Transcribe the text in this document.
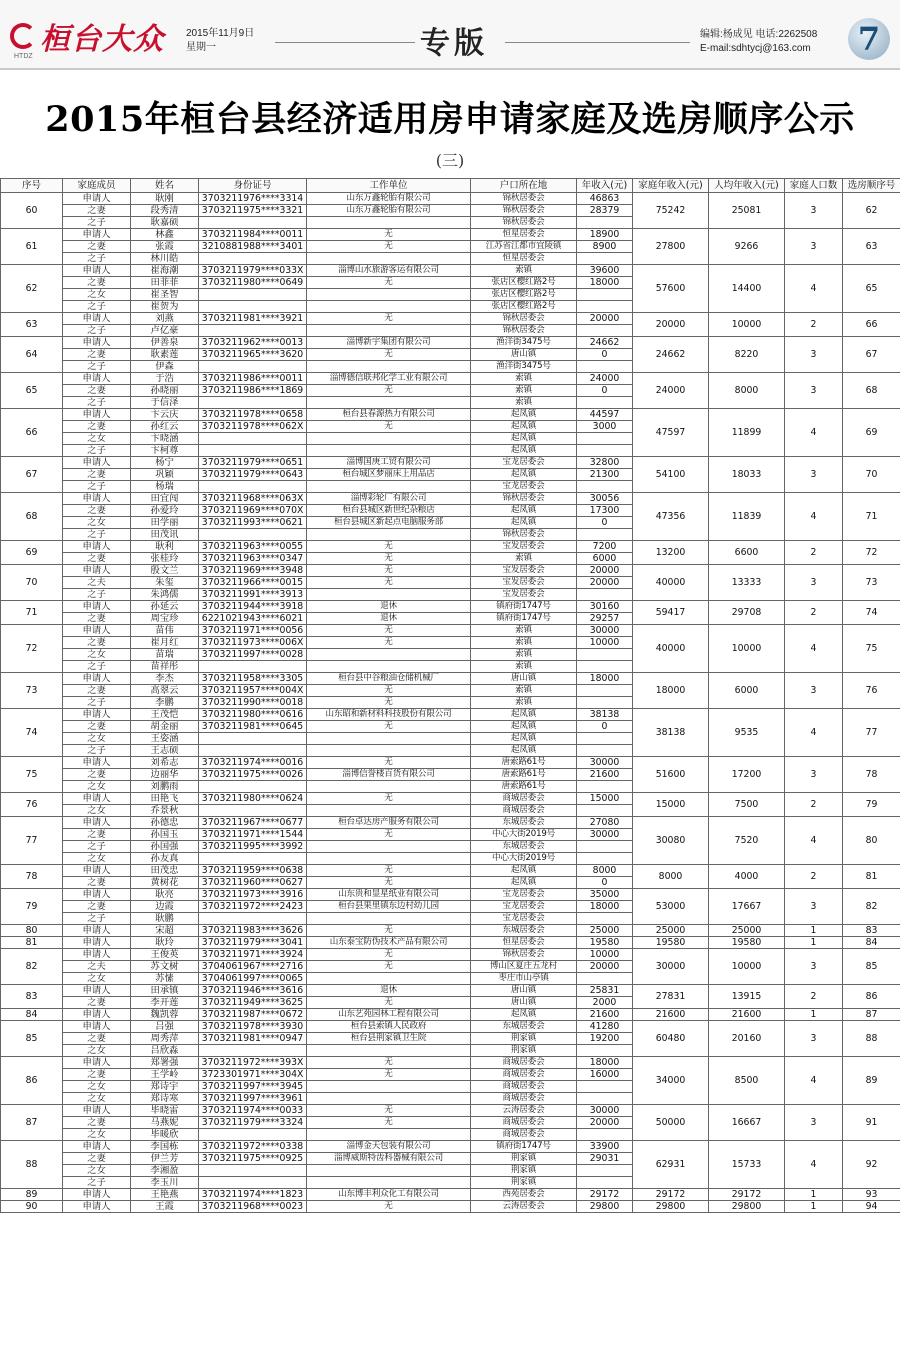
桓台大众
HTDZ
2015年11月9日
星期一	专版	编辑:杨成见 电话:2262508
E-mail:sdhtycj@163.com	7
2015年桓台县经济适用房申请家庭及选房顺序公示
(三)
序号	家庭成员	姓名	身份证号	工作单位	户口所在地	年收入(元)	家庭年收入(元)	人均年收入(元)	家庭人口数	选房顺序号
60	申请人	耿刚	3703211976****3314	山东万鑫轮胎有限公司	锦秋居委会	46863	75242	25081	3	62
	之妻	段秀清	3703211975****3321	山东万鑫轮胎有限公司	锦秋居委会	28379				
	之子	耿嘉硕			锦秋居委会					
61	申请人	林鑫	3703211984****0011	无	恒星居委会	18900	27800	9266	3	63
	之妻	张霞	3210881988****3401	无	江苏省江都市宜陵镇	8900				
	之子	林川皓			恒星居委会					
62	申请人	崔海潮	3703211979****033X	淄博山水旅游客运有限公司	索镇	39600	57600	14400	4	65
	之妻	田菲菲	3703211980****0649	无	张店区樱红路2号	18000				
	之女	崔圣智			张店区樱红路2号					
	之子	崔贺为			张店区樱红路2号					
63	申请人	刘燕	3703211981****3921	无	锦秋居委会	20000	20000	10000	2	66
	之子	卢亿豪			锦秋居委会					
64	申请人	伊善泉	3703211962****0013	淄博新宇集团有限公司	渔洋街3475号	24662	24662	8220	3	67
	之妻	耿素莲	3703211965****3620	无	唐山镇	0				
	之子	伊森			渔洋街3475号					
65	申请人	于浩	3703211986****0011	淄博德信联邦化学工业有限公司	索镇	24000	24000	8000	3	68
	之妻	孙晓丽	3703211986****1869	无	索镇	0				
	之子	于信泽			索镇					
66	申请人	卞云庆	3703211978****0658	桓台县春源热力有限公司	起凤镇	44597	47597	11899	4	69
	之妻	孙红云	3703211978****062X	无	起凤镇	3000				
	之女	卞晓涵			起凤镇					
	之子	卞柯尊			起凤镇					
67	申请人	杨宁	3703211979****0651	淄博国庚工贸有限公司	宝龙居委会	32800	54100	18033	3	70
	之妻	巩颖	3703211979****0643	桓台城区梦丽床上用品店	起凤镇	21300				
	之子	杨瑞			宝龙居委会					
68	申请人	田宜闯	3703211968****063X	淄博彩轮厂有限公司	锦秋居委会	30056	47356	11839	4	71
	之妻	孙爱玲	3703211969****070X	桓台县城区新世纪杂粮店	起凤镇	17300				
	之女	田学丽	3703211993****0621	桓台县城区新起点电脑服务部	起凤镇	0				
	之子	田茂讯			锦秋居委会					
69	申请人	耿利	3703211963****0055	无	宝发居委会	7200	13200	6600	2	72
	之妻	张桂玲	3703211963****0347	无	索镇	6000				
70	申请人	殷文兰	3703211969****3948	无	宝发居委会	20000	40000	13333	3	73
	之夫	朱玺	3703211966****0015	无	宝发居委会	20000				
	之子	朱鸿儒	3703211991****3913		宝发居委会					
71	申请人	孙延云	3703211944****3918	退休	镇府街1747号	30160	59417	29708	2	74
	之妻	周宝珍	6221021943****6021	退休	镇府街1747号	29257				
72	申请人	苗伟	3703211971****0056	无	索镇	30000	40000	10000	4	75
	之妻	崔月红	3703211973****006X	无	索镇	10000				
	之女	苗瑞	3703211997****0028		索镇					
	之子	苗祥彤			索镇					
73	申请人	李杰	3703211958****3305	桓台县中谷粮油仓储机械厂	唐山镇	18000	18000	6000	3	76
	之妻	高翠云	3703211957****004X	无	索镇					
	之子	李鹏	3703211990****0018	无	索镇					
74	申请人	王茂恺	3703211980****0616	山东昭和新材料科技股份有限公司	起凤镇	38138	38138	9535	4	77
	之妻	胡金丽	3703211981****0645	无	起凤镇	0				
	之女	王姿涵			起凤镇					
	之子	王志硕			起凤镇					
75	申请人	刘希志	3703211974****0016	无	唐索路61号	30000	51600	17200	3	78
	之妻	边丽华	3703211975****0026	淄博信誉楼百货有限公司	唐索路61号	21600				
	之女	刘鹏雨			唐索路61号					
76	申请人	田艳飞	3703211980****0624	无	商城居委会	15000	15000	7500	2	79
	之女	乔景秋			商城居委会					
77	申请人	孙德忠	3703211967****0677	桓台卓达房产服务有限公司	东城居委会	27080	30080	7520	4	80
	之妻	孙国玉	3703211971****1544	无	中心大街2019号	30000				
	之子	孙国强	3703211995****3992		东城居委会					
	之女	孙友真			中心大街2019号					
78	申请人	田茂忠	3703211959****0638	无	起凤镇	8000	8000	4000	2	81
	之妻	黄树花	3703211960****0627	无	起凤镇	0				
79	申请人	耿亮	3703211973****3916	山东贵和显星纸业有限公司	宝龙居委会	35000	53000	17667	3	82
	之妻	边霞	3703211972****2423	桓台县果里镇东边村幼儿园	宝龙居委会	18000				
	之子	耿鹏			宝龙居委会					
80	申请人	宋超	3703211983****3626	无	东城居委会	25000	25000	25000	1	83
81	申请人	耿玲	3703211979****3041	山东泰宝防伪技术产品有限公司	恒星居委会	19580	19580	19580	1	84
82	申请人	王俊英	3703211971****3924	无	锦秋居委会	10000	30000	10000	3	85
	之夫	苏文树	3704061967****2716	无	博山区夏庄五龙村	20000				
	之女	苏愫	3704061997****0065		枣庄市山亭镇					
83	申请人	田承镇	3703211946****3616	退休	唐山镇	25831	27831	13915	2	86
	之妻	李开莲	3703211949****3625	无	唐山镇	2000				
84	申请人	魏凯蓉	3703211987****0672	山东艺苑园林工程有限公司	起凤镇	21600	21600	21600	1	87
85	申请人	吕强	3703211978****3930	桓台县索镇人民政府	东城居委会	41280	60480	20160	3	88
	之妻	周秀萍	3703211981****0947	桓台县荆家镇卫生院	荆家镇	19200				
	之女	吕欣淼			荆家镇					
86	申请人	郑署强	3703211972****393X	无	商城居委会	18000	34000	8500	4	89
	之妻	王学岭	3723301971****304X	无	商城居委会	16000				
	之女	郑诗宇	3703211997****3945		商城居委会					
	之女	郑诗寒	3703211997****3961		商城居委会					
87	申请人	毕晓雷	3703211974****0033	无	云涛居委会	30000	50000	16667	3	91
	之妻	马燕妮	3703211979****3324	无	商城居委会	20000				
	之女	毕暖欣			商城居委会					
88	申请人	李国栋	3703211972****0338	淄博金天包装有限公司	镇府街1747号	33900	62931	15733	4	92
	之妻	伊兰芳	3703211975****0925	淄博威斯特齿科器械有限公司	荆家镇	29031				
	之女	李湘盈			荆家镇					
	之子	李玉川			荆家镇					
89	申请人	王艳燕	3703211974****1823	山东博丰利众化工有限公司	西苑居委会	29172	29172	29172	1	93
90	申请人	王霞	3703211968****0023	无	云涛居委会	29800	29800	29800	1	94
